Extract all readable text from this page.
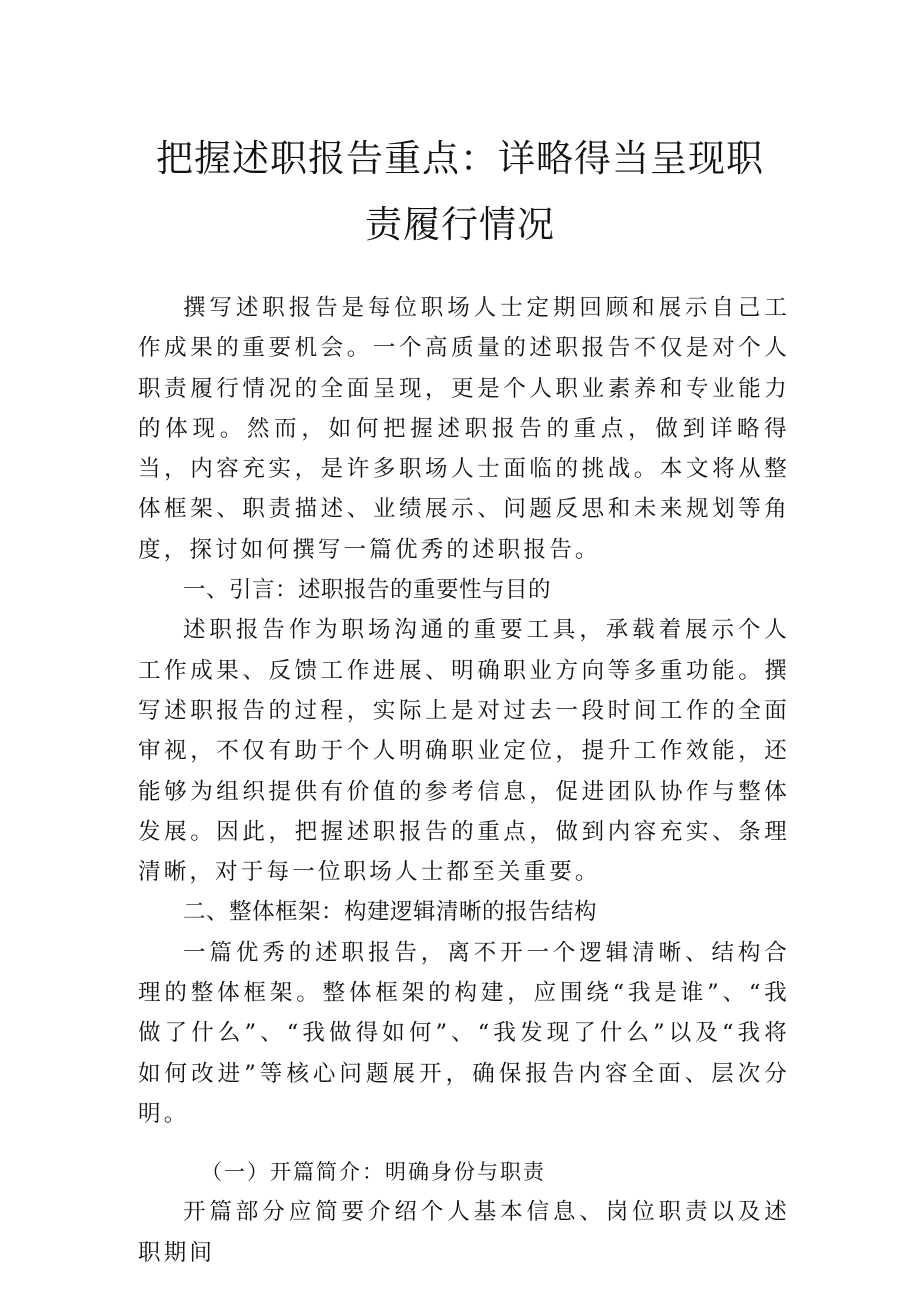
把握述职报告重点：详略得当呈现职责履行情况

撰写述职报告是每位职场人士定期回顾和展示自己工作成果的重要机会。一个高质量的述职报告不仅是对个人职责履行情况的全面呈现，更是个人职业素养和专业能力的体现。然而，如何把握述职报告的重点，做到详略得当，内容充实，是许多职场人士面临的挑战。本文将从整体框架、职责描述、业绩展示、问题反思和未来规划等角度，探讨如何撰写一篇优秀的述职报告。

一、引言：述职报告的重要性与目的

述职报告作为职场沟通的重要工具，承载着展示个人工作成果、反馈工作进展、明确职业方向等多重功能。撰写述职报告的过程，实际上是对过去一段时间工作的全面审视，不仅有助于个人明确职业定位，提升工作效能，还能够为组织提供有价值的参考信息，促进团队协作与整体发展。因此，把握述职报告的重点，做到内容充实、条理清晰，对于每一位职场人士都至关重要。

二、整体框架：构建逻辑清晰的报告结构

一篇优秀的述职报告，离不开一个逻辑清晰、结构合理的整体框架。整体框架的构建，应围绕“我是谁”、“我做了什么”、“我做得如何”、“我发现了什么”以及“我将如何改进”等核心问题展开，确保报告内容全面、层次分明。

（一）开篇简介：明确身份与职责

开篇部分应简要介绍个人基本信息、岗位职责以及述职期间
